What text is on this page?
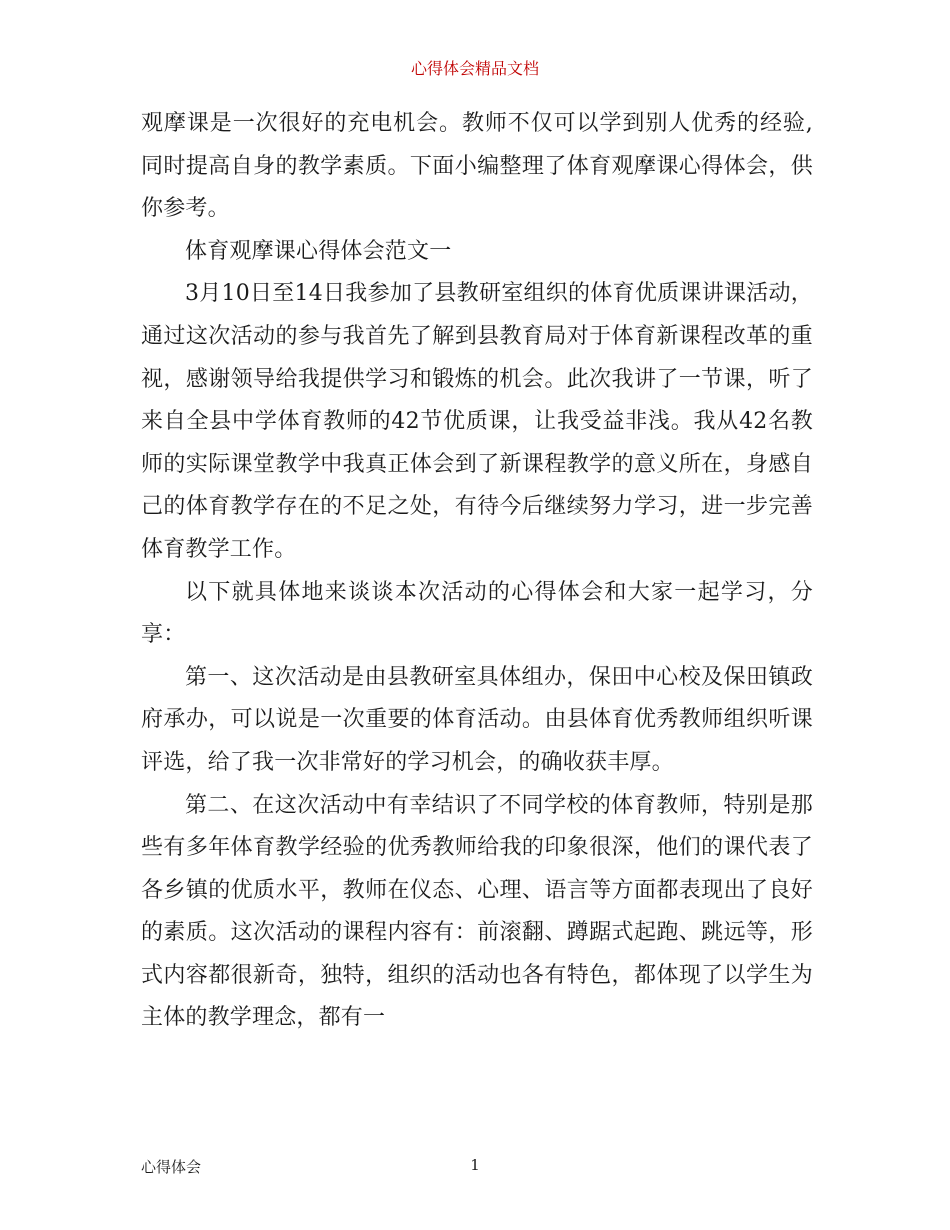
心得体会精品文档

观摩课是一次很好的充电机会。教师不仅可以学到别人优秀的经验,同时提高自身的教学素质。下面小编整理了体育观摩课心得体会，供你参考。

体育观摩课心得体会范文一

3月10日至14日我参加了县教研室组织的体育优质课讲课活动，通过这次活动的参与我首先了解到县教育局对于体育新课程改革的重视，感谢领导给我提供学习和锻炼的机会。此次我讲了一节课，听了来自全县中学体育教师的42节优质课，让我受益非浅。我从42名教师的实际课堂教学中我真正体会到了新课程教学的意义所在，身感自己的体育教学存在的不足之处，有待今后继续努力学习，进一步完善体育教学工作。

以下就具体地来谈谈本次活动的心得体会和大家一起学习，分享：

第一、这次活动是由县教研室具体组办，保田中心校及保田镇政府承办，可以说是一次重要的体育活动。由县体育优秀教师组织听课评选，给了我一次非常好的学习机会，的确收获丰厚。

第二、在这次活动中有幸结识了不同学校的体育教师，特别是那些有多年体育教学经验的优秀教师给我的印象很深，他们的课代表了各乡镇的优质水平，教师在仪态、心理、语言等方面都表现出了良好的素质。这次活动的课程内容有：前滚翻、蹲踞式起跑、跳远等，形式内容都很新奇，独特，组织的活动也各有特色，都体现了以学生为主体的教学理念，都有一

心得体会	1
